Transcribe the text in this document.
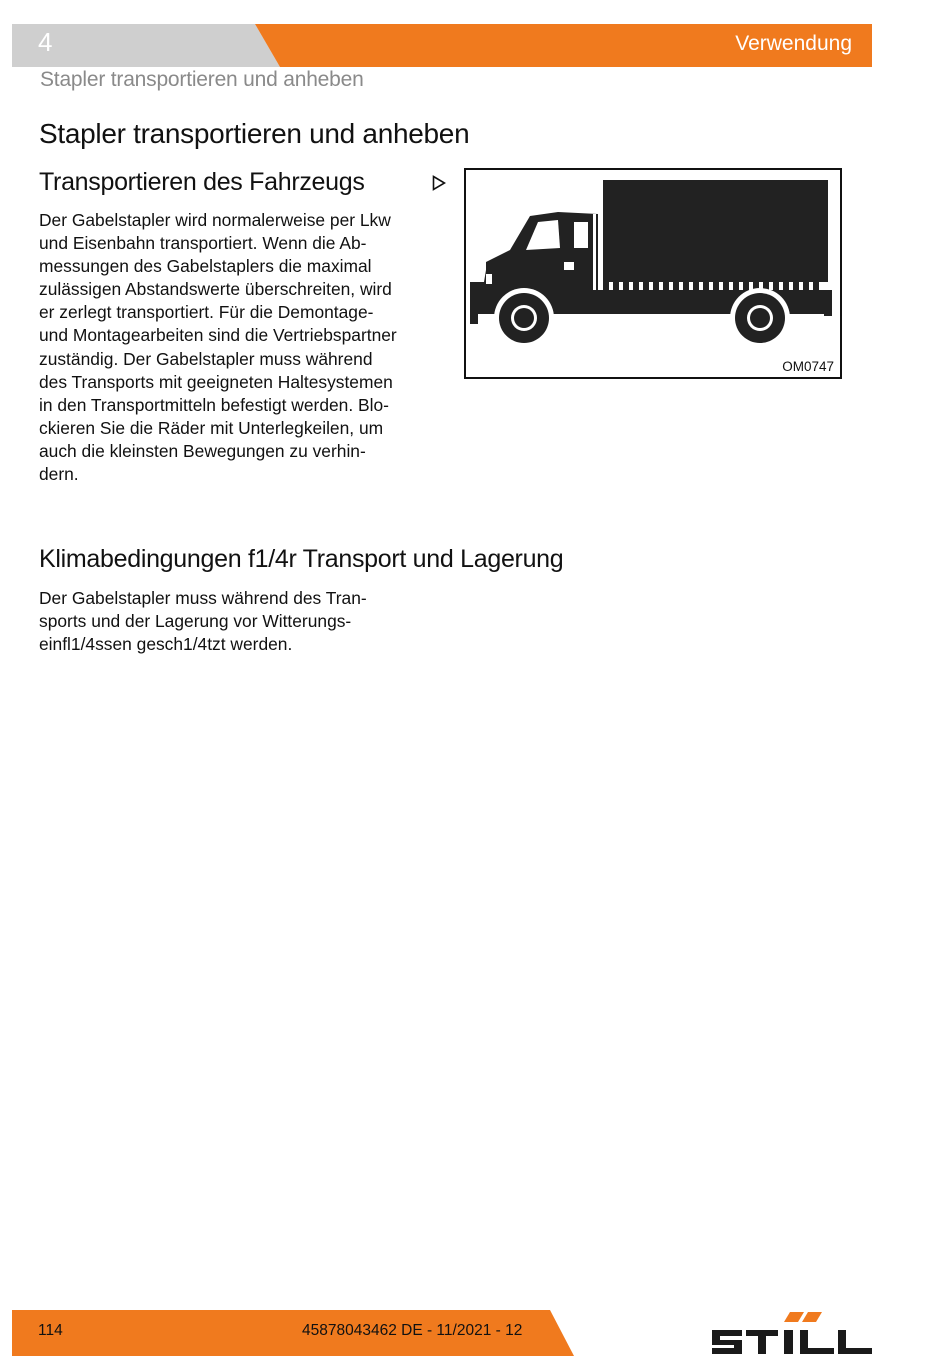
4	Verwendung
Stapler transportieren und anheben
Stapler transportieren und anheben
Transportieren des Fahrzeugs
Der Gabelstapler wird normalerweise per Lkw
und Eisenbahn transportiert. Wenn die Ab-
messungen des Gabelstaplers die maximal
zulässigen Abstandswerte überschreiten, wird
er zerlegt transportiert. Für die Demontage-
und Montagearbeiten sind die Vertriebspartner
zuständig. Der Gabelstapler muss während
des Transports mit geeigneten Haltesystemen
in den Transportmitteln befestigt werden. Blo-
ckieren Sie die Räder mit Unterlegkeilen, um
auch die kleinsten Bewegungen zu verhin-
dern.
OM0747
Klimabedingungen f1/4r Transport und Lagerung
Der Gabelstapler muss während des Tran-
sports und der Lagerung vor Witterungs-
einfl1/4ssen gesch1/4tzt werden.
114	45878043462 DE - 11/2021 - 12
